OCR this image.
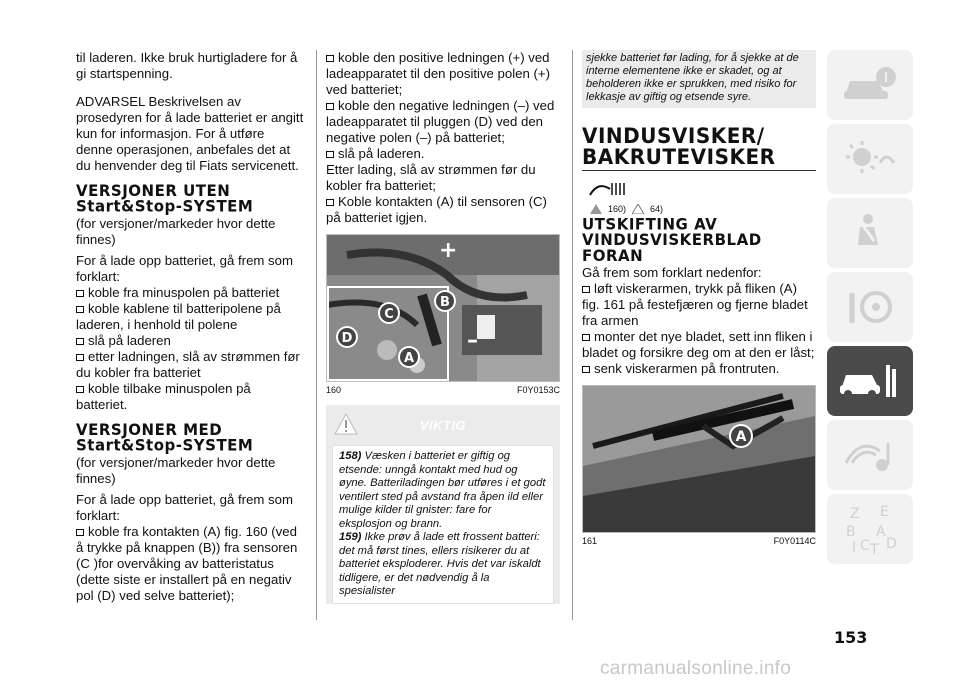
til laderen. Ikke bruk hurtigladere for å gi startspenning.

ADVARSEL Beskrivelsen av prosedyren for å lade batteriet er angitt kun for informasjon. For å utføre denne operasjonen, anbefales det at du henvender deg til Fiats servicenett.

VERSJONER UTEN
Start&Stop-SYSTEM

(for versjoner/markeder hvor dette finnes)

For å lade opp batteriet, gå frem som forklart:

koble fra minuspolen på batteriet

koble kablene til batteripolene på laderen, i henhold til polene

slå på laderen

etter ladningen, slå av strømmen før du kobler fra batteriet

koble tilbake minuspolen på batteriet.

VERSJONER MED
Start&Stop-SYSTEM

(for versjoner/markeder hvor dette finnes)

For å lade opp batteriet, gå frem som forklart:

koble fra kontakten (A) fig. 160 (ved å trykke på knappen (B)) fra sensoren (C )for overvåking av batteristatus (dette siste er installert på en negativ pol (D) ved selve batteriet);

koble den positive ledningen (+) ved ladeapparatet til den positive polen (+) ved batteriet;

koble den negative ledningen (–) ved ladeapparatet til pluggen (D) ved den negative polen (–) på batteriet;

slå på laderen.

Etter lading, slå av strømmen før du kobler fra batteriet;

Koble kontakten (A) til sensoren (C) på batteriet igjen.

+
–
B
C
D
A
160	F0Y0153C
VIKTIG

158) Væsken i batteriet er giftig og etsende: unngå kontakt med hud og øyne. Batteriladingen bør utføres i et godt ventilert sted på avstand fra åpen ild eller mulige kilder til gnister: fare for eksplosjon og brann.

159) Ikke prøv å lade ett frossent batteri: det må først tines, ellers risikerer du at batteriet eksploderer. Hvis det var iskaldt tidligere, er det nødvendig å la spesialister

sjekke batteriet før lading, for å sjekke at de interne elementene ikke er skadet, og at beholderen ikke er sprukken, med risiko for lekkasje av giftig og etsende syre.

VINDUSVISKER/
BAKRUTEVISKER
160)	64)
UTSKIFTING AV
VINDUSVISKERBLAD
FORAN

Gå frem som forklart nedenfor:

løft viskerarmen, trykk på fliken (A) fig. 161 på festefjæren og fjerne bladet fra armen

monter det nye bladet, sett inn fliken i bladet og forsikre deg om at den er låst;

senk viskerarmen på frontruten.

A
161	F0Y0114C
Z E
B A
I C T D
153
carmanualsonline.info
